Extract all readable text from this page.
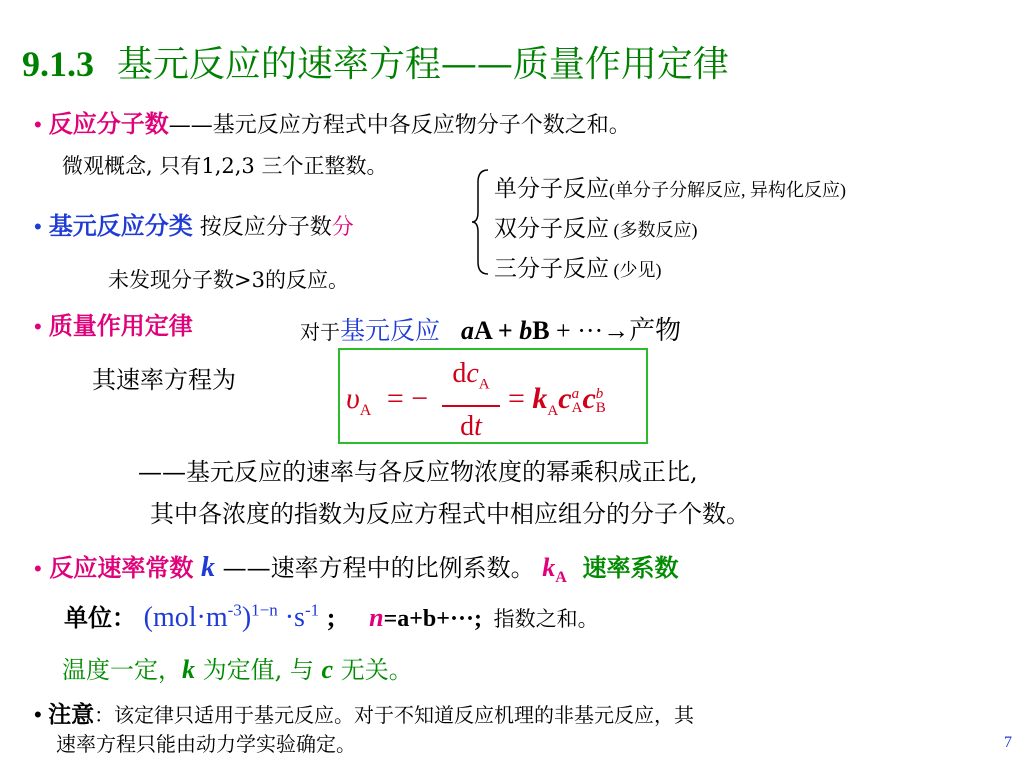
9.1.3 基元反应的速率方程——质量作用定律
• 反应分子数——基元反应方程式中各反应物分子个数之和。
微观概念, 只有1,2,3 三个正整数。
单分子反应(单分子分解反应, 异构化反应)
双分子反应 (多数反应)
三分子反应 (少见)
• 基元反应分类 按反应分子数分
未发现分子数>3的反应。
• 质量作用定律	对于基元反应 aA + bB + ···→产物
其速率方程为
$\upsilon_A$ = −
$dc_A$
dt
= $k_Ac$ a
A c b
B
——基元反应的速率与各反应物浓度的幂乘积成正比,
其中各浓度的指数为反应方程式中相应组分的分子个数。
• 反应速率常数 k ——速率方程中的比例系数。 $k_A$ 速率系数
单位： $(mol\cdot m^{-3})^{1-n} \cdot s^{-1}$ ; n=a+b+···; 指数之和。
温度一定，k 为定值, 与 c 无关。
• 注意：该定律只适用于基元反应。对于不知道反应机理的非基元反应，其
速率方程只能由动力学实验确定。	7
